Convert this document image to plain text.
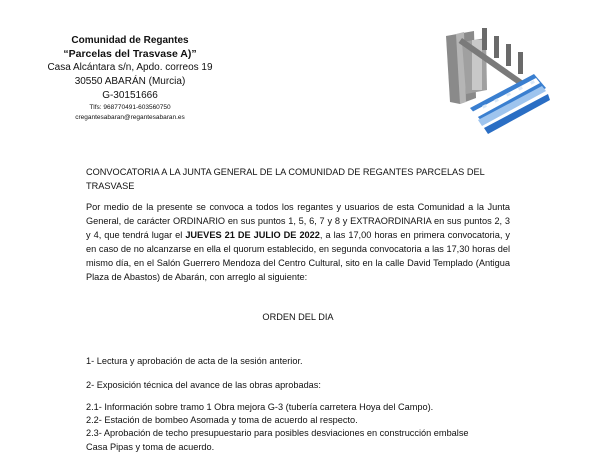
Comunidad de Regantes
“Parcelas del Trasvase A)”
Casa Alcántara s/n, Apdo. correos 19
30550 ABARÁN (Murcia)
G-30151666
Tlfs: 968770491-603560750
cregantesabaran@regantesabaran.es
CONVOCATORIA A LA JUNTA GENERAL DE LA COMUNIDAD DE REGANTES PARCELAS DEL TRASVASE
Por medio de la presente se convoca a todos los regantes y usuarios de esta Comunidad a la Junta General, de carácter ORDINARIO en sus puntos 1, 5, 6, 7 y 8 y EXTRAORDINARIA en sus puntos 2, 3 y 4, que tendrá lugar el JUEVES 21 DE JULIO DE 2022, a las 17,00 horas en primera convocatoria, y en caso de no alcanzarse en ella el quorum establecido, en segunda convocatoria a las 17,30 horas del mismo día, en el Salón Guerrero Mendoza del Centro Cultural, sito en la calle David Templado (Antigua Plaza de Abastos) de Abarán, con arreglo al siguiente:
ORDEN DEL DIA
1- Lectura y aprobación de acta de la sesión anterior.
2- Exposición técnica del avance de las obras aprobadas:
2.1- Información sobre tramo 1 Obra mejora G-3 (tubería carretera Hoya del Campo).
2.2- Estación de bombeo Asomada y toma de acuerdo al respecto.
2.3- Aprobación de techo presupuestario para posibles desviaciones en construcción embalse
Casa Pipas y toma de acuerdo.
